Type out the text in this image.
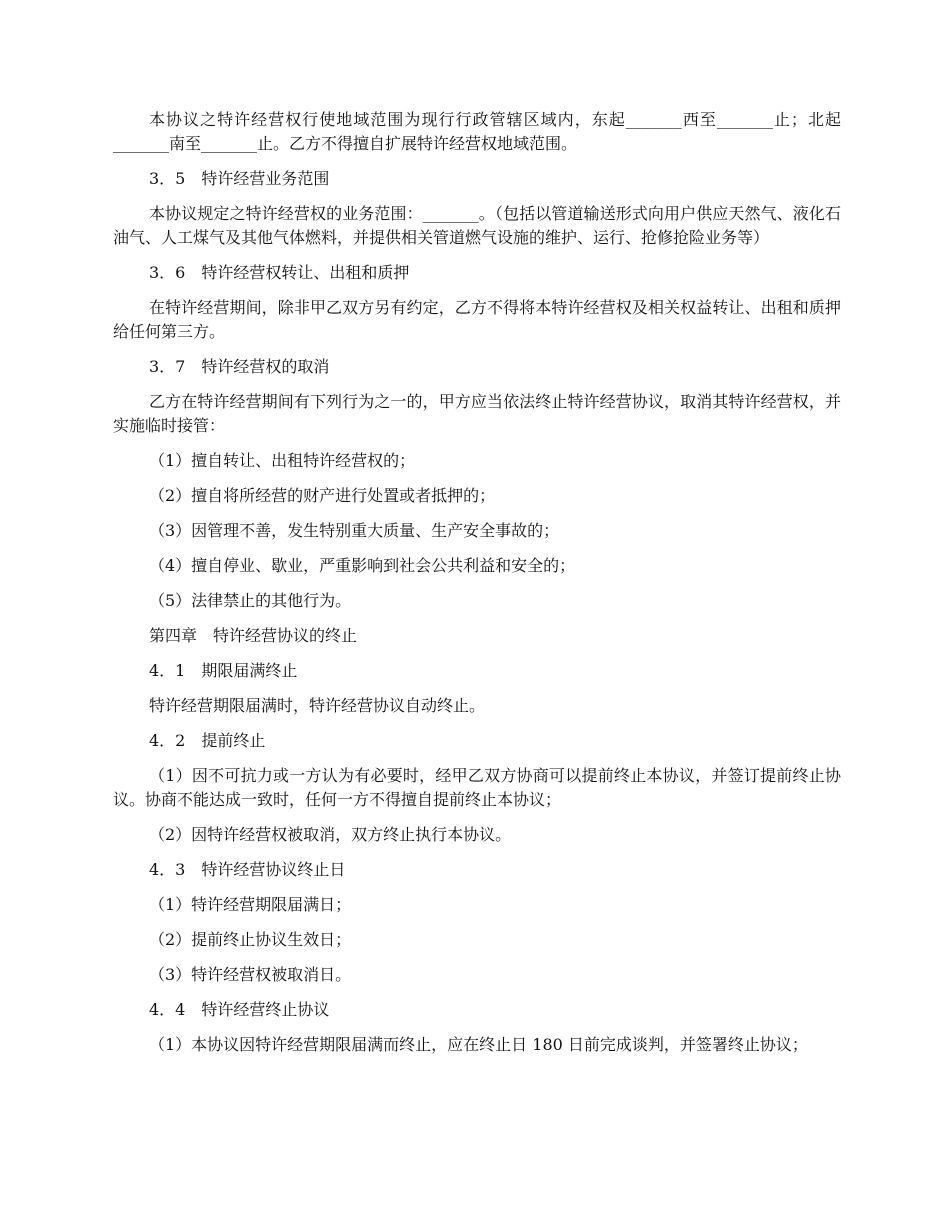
本协议之特许经营权行使地域范围为现行行政管辖区域内，东起_______西至_______止；北起_______南至_______止。乙方不得擅自扩展特许经营权地域范围。

3．5　特许经营业务范围

本协议规定之特许经营权的业务范围：_______。（包括以管道输送形式向用户供应天然气、液化石油气、人工煤气及其他气体燃料，并提供相关管道燃气设施的维护、运行、抢修抢险业务等）

3．6　特许经营权转让、出租和质押

在特许经营期间，除非甲乙双方另有约定，乙方不得将本特许经营权及相关权益转让、出租和质押给任何第三方。

3．7　特许经营权的取消

乙方在特许经营期间有下列行为之一的，甲方应当依法终止特许经营协议，取消其特许经营权，并实施临时接管：

（1）擅自转让、出租特许经营权的；

（2）擅自将所经营的财产进行处置或者抵押的；

（3）因管理不善，发生特别重大质量、生产安全事故的；

（4）擅自停业、歇业，严重影响到社会公共利益和安全的；

（5）法律禁止的其他行为。

第四章　特许经营协议的终止

4．1　期限届满终止

特许经营期限届满时，特许经营协议自动终止。

4．2　提前终止

（1）因不可抗力或一方认为有必要时，经甲乙双方协商可以提前终止本协议，并签订提前终止协议。协商不能达成一致时，任何一方不得擅自提前终止本协议；

（2）因特许经营权被取消，双方终止执行本协议。

4．3　特许经营协议终止日

（1）特许经营期限届满日；

（2）提前终止协议生效日；

（3）特许经营权被取消日。

4．4　特许经营终止协议

（1）本协议因特许经营期限届满而终止，应在终止日 180 日前完成谈判，并签署终止协议；
